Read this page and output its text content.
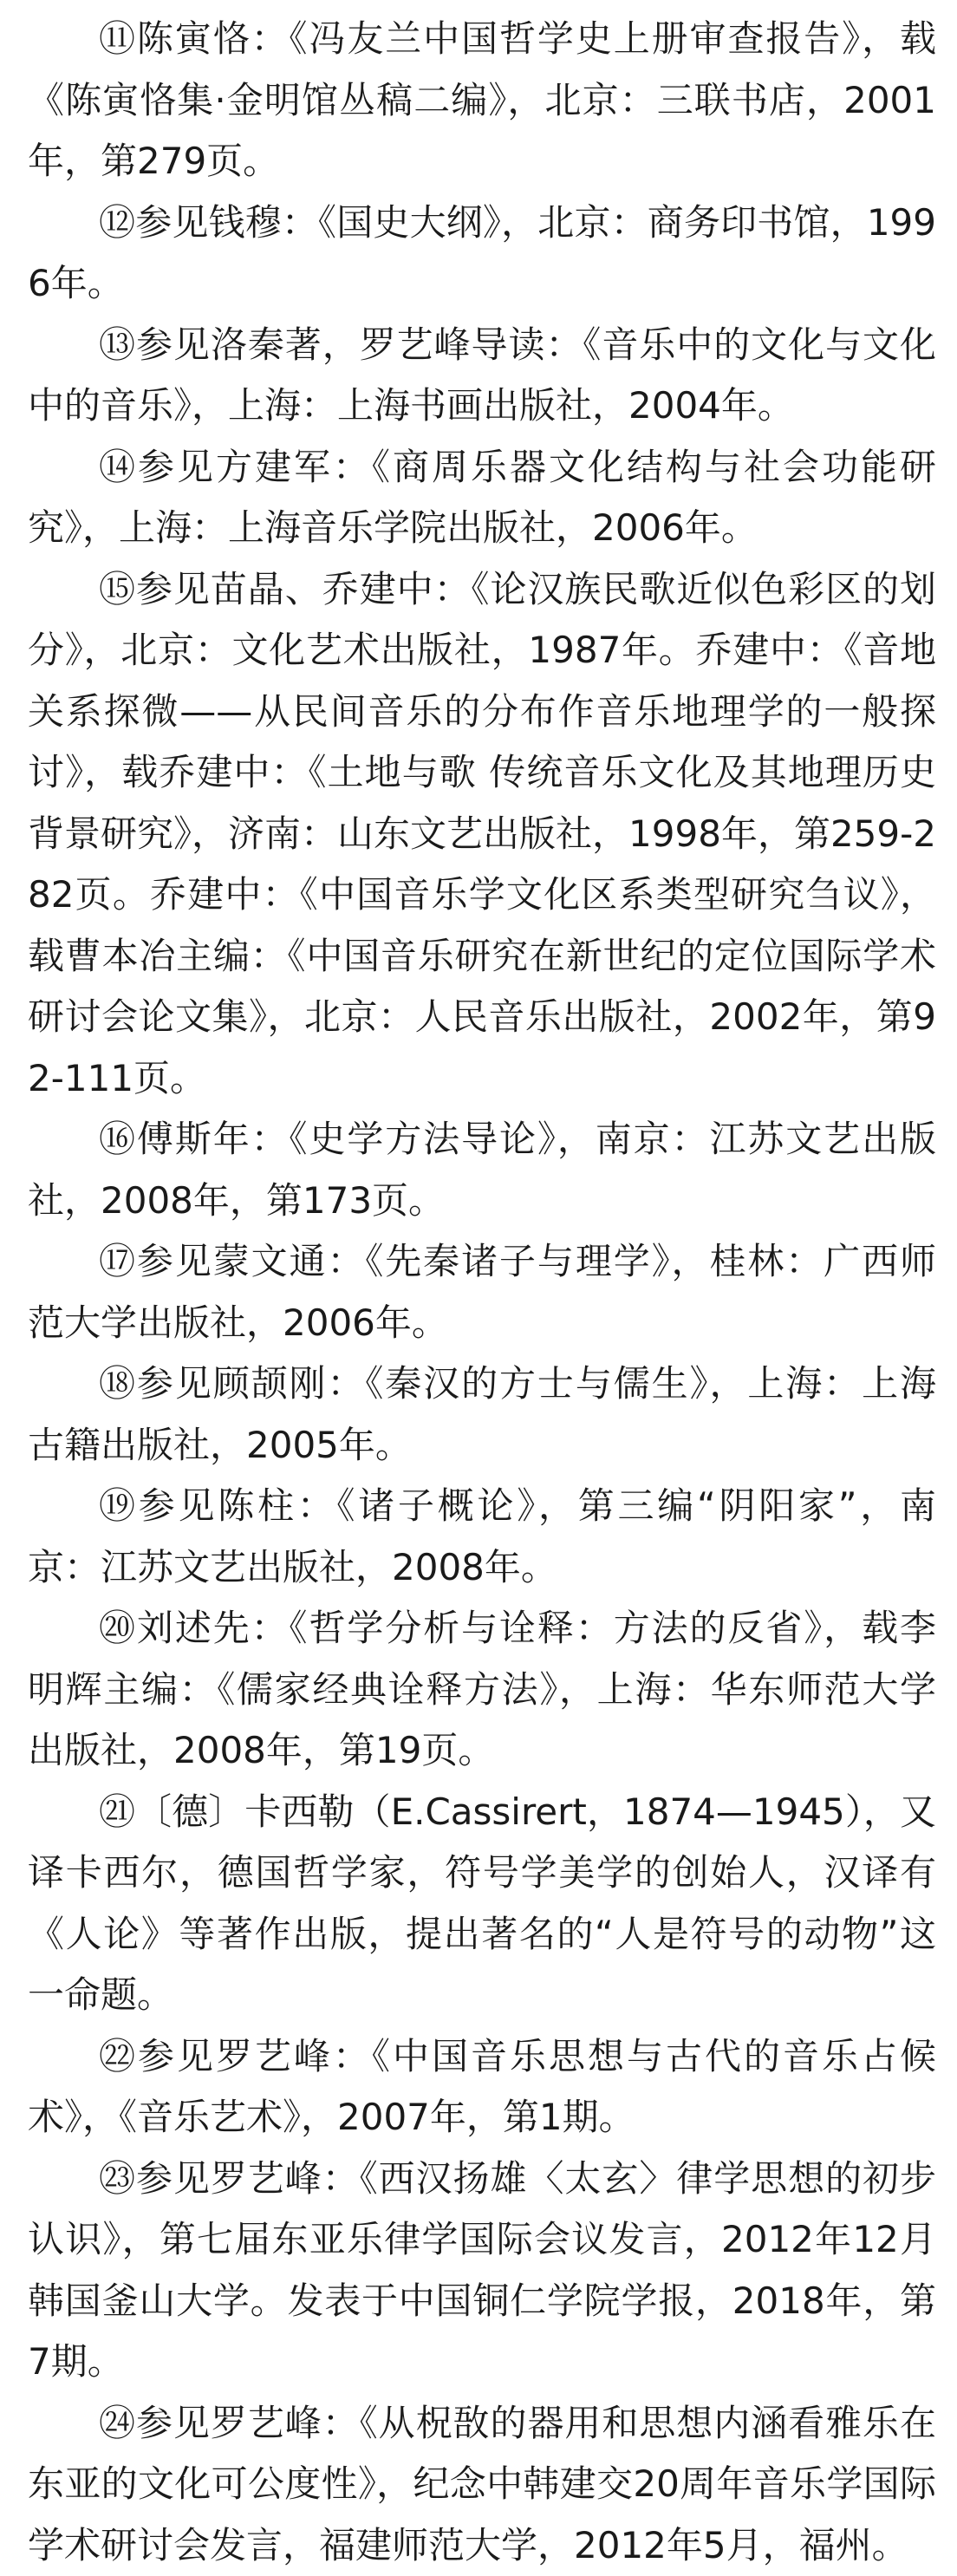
⑪陈寅恪：《冯友兰中国哲学史上册审查报告》，载《陈寅恪集·金明馆丛稿二编》，北京：三联书店，2001年，第279页。

⑫参见钱穆：《国史大纲》，北京：商务印书馆，1996年。

⑬参见洛秦著，罗艺峰导读：《音乐中的文化与文化中的音乐》，上海：上海书画出版社，2004年。

⑭参见方建军：《商周乐器文化结构与社会功能研究》，上海：上海音乐学院出版社，2006年。

⑮参见苗晶、乔建中：《论汉族民歌近似色彩区的划分》，北京：文化艺术出版社，1987年。乔建中：《音地关系探微——从民间音乐的分布作音乐地理学的一般探讨》，载乔建中：《土地与歌 传统音乐文化及其地理历史背景研究》，济南：山东文艺出版社，1998年，第259-282页。乔建中：《中国音乐学文化区系类型研究刍议》，载曹本冶主编：《中国音乐研究在新世纪的定位国际学术研讨会论文集》，北京：人民音乐出版社，2002年，第92-111页。

⑯傅斯年：《史学方法导论》，南京：江苏文艺出版社，2008年，第173页。

⑰参见蒙文通：《先秦诸子与理学》，桂林：广西师范大学出版社，2006年。

⑱参见顾颉刚：《秦汉的方士与儒生》，上海：上海古籍出版社，2005年。

⑲参见陈柱：《诸子概论》，第三编“阴阳家”，南京：江苏文艺出版社，2008年。

⑳刘述先：《哲学分析与诠释：方法的反省》，载李明辉主编：《儒家经典诠释方法》，上海：华东师范大学出版社，2008年，第19页。

㉑〔德〕卡西勒（E.Cassirert，1874—1945），又译卡西尔，德国哲学家，符号学美学的创始人，汉译有《人论》等著作出版，提出著名的“人是符号的动物”这一命题。

㉒参见罗艺峰：《中国音乐思想与古代的音乐占候术》，《音乐艺术》，2007年，第1期。

㉓参见罗艺峰：《西汉扬雄〈太玄〉律学思想的初步认识》，第七届东亚乐律学国际会议发言，2012年12月韩国釜山大学。发表于中国铜仁学院学报，2018年，第7期。

㉔参见罗艺峰：《从柷敔的器用和思想内涵看雅乐在东亚的文化可公度性》，纪念中韩建交20周年音乐学国际学术研讨会发言，福建师范大学，2012年5月，福州。
